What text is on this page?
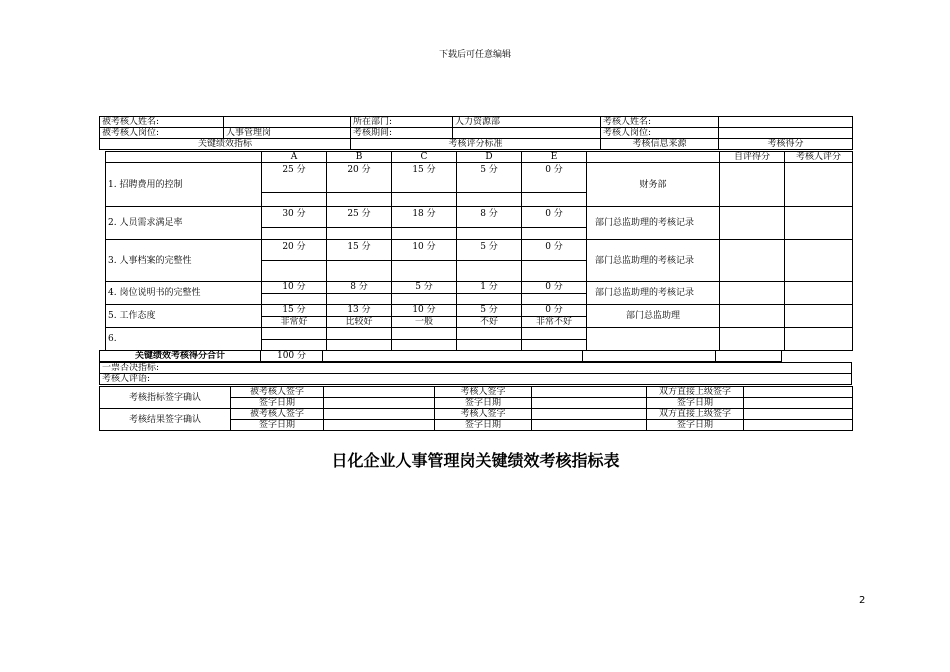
下载后可任意编辑
被考核人姓名:		所在部门:	人力资源部	考核人姓名:	
被考核人岗位:	人事管理岗	考核期间:		考核人岗位:	
关键绩效指标		考核评分标准		考核信息来源	考核得分
	A	B	C	D	E		自评得分	考核人评分
1. 招聘费用的控制	25 分	20 分	15 分	5 分	0 分	财务部		

2. 人员需求满足率	30 分	25 分	18 分	8 分	0 分	部门总监助理的考核记录		

3. 人事档案的完整性	20 分	15 分	10 分	5 分	0 分	部门总监助理的考核记录		

4. 岗位说明书的完整性	10 分	8 分	5 分	1 分	0 分	部门总监助理的考核记录		

5. 工作态度	15 分	13 分	10 分	5 分	0 分	部门总监助理		
	非常好	比较好	一般	不好	非常不好			
6.								

关键绩效考核得分合计	100 分			
一票否决指标:
考核人评语:
考核指标签字确认	被考核人签字		考核人签字		双方直接上级签字	
	签字日期		签字日期		签字日期	
考核结果签字确认	被考核人签字		考核人签字		双方直接上级签字	
	签字日期		签字日期		签字日期	
日化企业人事管理岗关键绩效考核指标表
2
